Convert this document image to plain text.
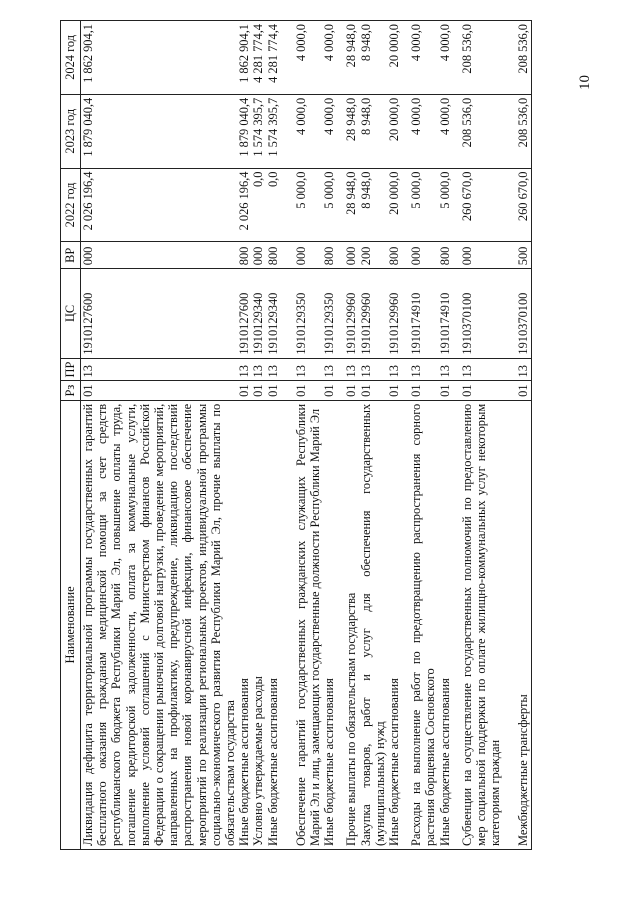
10
Наименование	Рз	ПР	ЦС	ВР	2022 год	2023 год	2024 год
Ликвидация дефицита территориальной программы государственных гарантий бесплатного оказания гражданам медицинской помощи за счет средств республиканского бюджета Республики Марий Эл, повышение оплаты труда, погашение кредиторской задолженности, оплата за коммунальные услуги, выполнение условий соглашений с Министерством финансов Российской Федерации о сокращении рыночной долговой нагрузки, проведение мероприятий, направленных на профилактику, предупреждение, ликвидацию последствий распространения новой коронавирусной инфекции, финансовое обеспечение мероприятий по реализации региональных проектов, индивидуальной программы социально-экономического развития Республики Марий Эл, прочие выплаты по обязательствам государства	01	13	1910127600	000	2 026 196,4	1 879 040,4	1 862 904,1
Иные бюджетные ассигнования	01	13	1910127600	800	2 026 196,4	1 879 040,4	1 862 904,1
Условно утверждаемые расходы	01	13	1910129340	000	0,0	1 574 395,7	4 281 774,4
Иные бюджетные ассигнования	01	13	1910129340	800	0,0	1 574 395,7	4 281 774,4
Обеспечение гарантий государственных гражданских служащих Республики Марий Эл и лиц, замещающих государственные должности Республики Марий Эл	01	13	1910129350	000	5 000,0	4 000,0	4 000,0
Иные бюджетные ассигнования	01	13	1910129350	800	5 000,0	4 000,0	4 000,0
Прочие выплаты по обязательствам государства	01	13	1910129960	000	28 948,0	28 948,0	28 948,0
Закупка товаров, работ и услуг для обеспечения государственных (муниципальных) нужд	01	13	1910129960	200	8 948,0	8 948,0	8 948,0
Иные бюджетные ассигнования	01	13	1910129960	800	20 000,0	20 000,0	20 000,0
Расходы на выполнение работ по предотвращению распространения сорного растения борщевика Сосновского	01	13	1910174910	000	5 000,0	4 000,0	4 000,0
Иные бюджетные ассигнования	01	13	1910174910	800	5 000,0	4 000,0	4 000,0
Субвенции на осуществление государственных полномочий по предоставлению мер социальной поддержки по оплате жилищно-коммунальных услуг некоторым категориям граждан	01	13	1910370100	000	260 670,0	208 536,0	208 536,0
Межбюджетные трансферты	01	13	1910370100	500	260 670,0	208 536,0	208 536,0
